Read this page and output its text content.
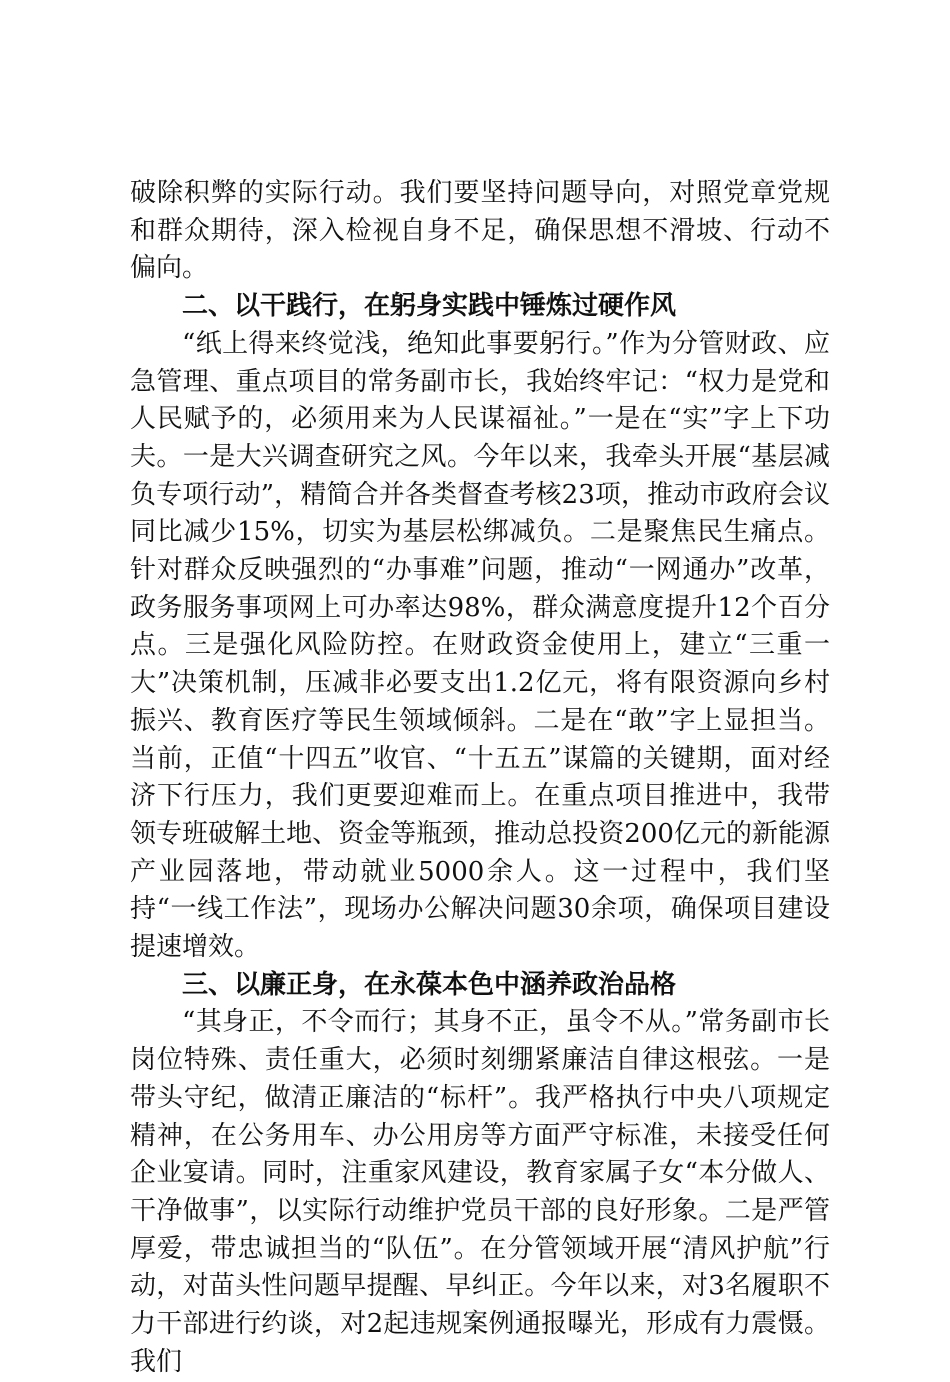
破除积弊的实际行动。我们要坚持问题导向，对照党章党规和群众期待，深入检视自身不足，确保思想不滑坡、行动不偏向。

二、以干践行，在躬身实践中锤炼过硬作风

“纸上得来终觉浅，绝知此事要躬行。”作为分管财政、应急管理、重点项目的常务副市长，我始终牢记：“权力是党和人民赋予的，必须用来为人民谋福祉。”一是在“实”字上下功夫。一是大兴调查研究之风。今年以来，我牵头开展“基层减负专项行动”，精简合并各类督查考核23项，推动市政府会议同比减少15%，切实为基层松绑减负。二是聚焦民生痛点。针对群众反映强烈的“办事难”问题，推动“一网通办”改革，政务服务事项网上可办率达98%，群众满意度提升12个百分点。三是强化风险防控。在财政资金使用上，建立“三重一大”决策机制，压减非必要支出1.2亿元，将有限资源向乡村振兴、教育医疗等民生领域倾斜。二是在“敢”字上显担当。当前，正值“十四五”收官、“十五五”谋篇的关键期，面对经济下行压力，我们更要迎难而上。在重点项目推进中，我带领专班破解土地、资金等瓶颈，推动总投资200亿元的新能源产业园落地，带动就业5000余人。这一过程中，我们坚持“一线工作法”，现场办公解决问题30余项，确保项目建设提速增效。

三、以廉正身，在永葆本色中涵养政治品格

“其身正，不令而行；其身不正，虽令不从。”常务副市长岗位特殊、责任重大，必须时刻绷紧廉洁自律这根弦。一是带头守纪，做清正廉洁的“标杆”。我严格执行中央八项规定精神，在公务用车、办公用房等方面严守标准，未接受任何企业宴请。同时，注重家风建设，教育家属子女“本分做人、干净做事”，以实际行动维护党员干部的良好形象。二是严管厚爱，带忠诚担当的“队伍”。在分管领域开展“清风护航”行动，对苗头性问题早提醒、早纠正。今年以来，对3名履职不力干部进行约谈，对2起违规案例通报曝光，形成有力震慑。我们
